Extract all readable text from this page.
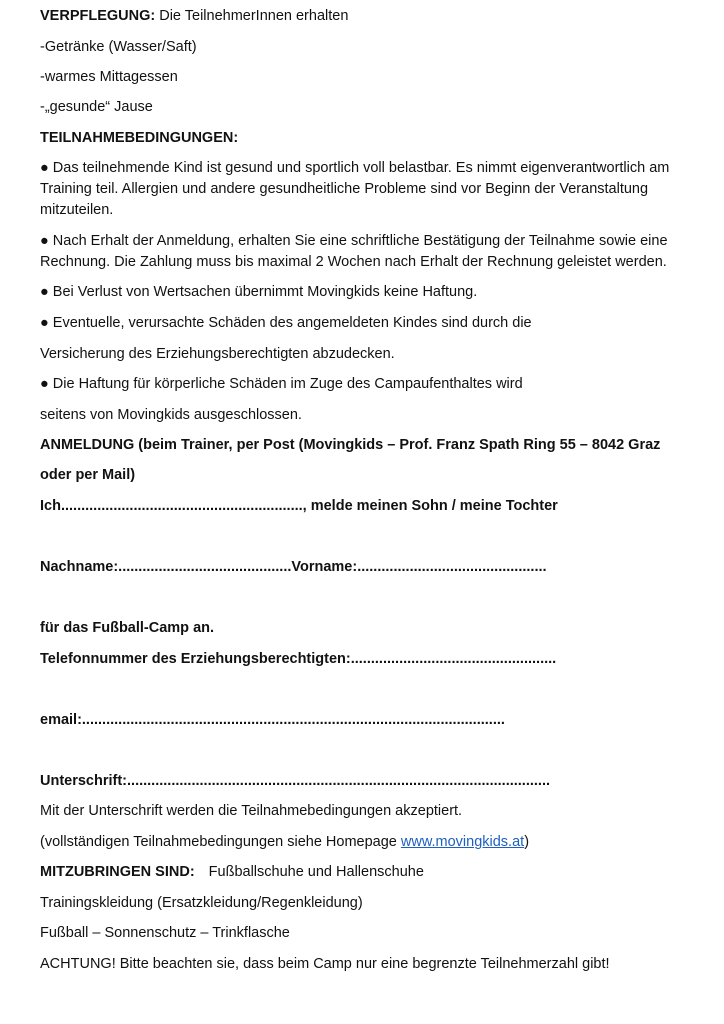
VERPFLEGUNG: Die TeilnehmerInnen erhalten
-Getränke (Wasser/Saft)
-warmes Mittagessen
-„gesunde“ Jause
TEILNAHMEBEDINGUNGEN:
● Das teilnehmende Kind ist gesund und sportlich voll belastbar. Es nimmt eigenverantwortlich am Training teil. Allergien und andere gesundheitliche Probleme sind vor Beginn der Veranstaltung mitzuteilen.
● Nach Erhalt der Anmeldung, erhalten Sie eine schriftliche Bestätigung der Teilnahme sowie eine Rechnung. Die Zahlung muss bis maximal 2 Wochen nach Erhalt der Rechnung geleistet werden.
● Bei Verlust von Wertsachen übernimmt Movingkids keine Haftung.
● Eventuelle, verursachte Schäden des angemeldeten Kindes sind durch die
Versicherung des Erziehungsberechtigten abzudecken.
● Die Haftung für körperliche Schäden im Zuge des Campaufenthaltes wird
seitens von Movingkids ausgeschlossen.
ANMELDUNG (beim Trainer, per Post (Movingkids – Prof. Franz Spath Ring 55 – 8042 Graz
oder per Mail)
Ich............................................................, melde meinen Sohn / meine Tochter
Nachname:...........................................Vorname:...............................................
für das Fußball-Camp an.
Telefonnummer des Erziehungsberechtigten:...................................................
email:.........................................................................................................
Unterschrift:.........................................................................................................
Mit der Unterschrift werden die Teilnahmebedingungen akzeptiert.
(vollständigen Teilnahmebedingungen siehe Homepage www.movingkids.at)
MITZUBRINGEN SIND: Fußballschuhe und Hallenschuhe
Trainingskleidung (Ersatzkleidung/Regenkleidung)
Fußball – Sonnenschutz – Trinkflasche
ACHTUNG! Bitte beachten sie, dass beim Camp nur eine begrenzte Teilnehmerzahl gibt!
